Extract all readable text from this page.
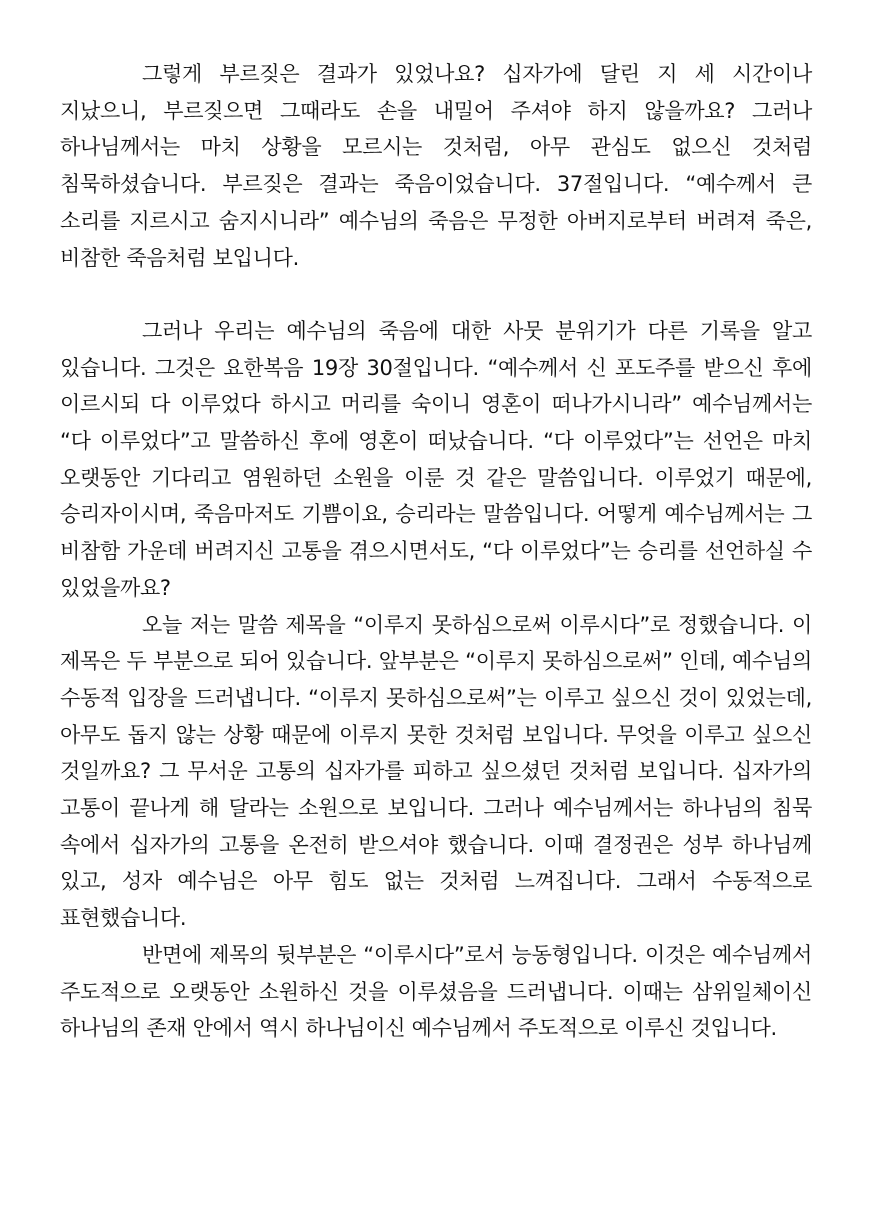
그렇게 부르짖은 결과가 있었나요? 십자가에 달린 지 세 시간이나 지났으니, 부르짖으면 그때라도 손을 내밀어 주셔야 하지 않을까요? 그러나 하나님께서는 마치 상황을 모르시는 것처럼, 아무 관심도 없으신 것처럼 침묵하셨습니다. 부르짖은 결과는 죽음이었습니다. 37절입니다. “예수께서 큰 소리를 지르시고 숨지시니라” 예수님의 죽음은 무정한 아버지로부터 버려져 죽은, 비참한 죽음처럼 보입니다.

그러나 우리는 예수님의 죽음에 대한 사뭇 분위기가 다른 기록을 알고 있습니다. 그것은 요한복음 19장 30절입니다. “예수께서 신 포도주를 받으신 후에 이르시되 다 이루었다 하시고 머리를 숙이니 영혼이 떠나가시니라” 예수님께서는 “다 이루었다”고 말씀하신 후에 영혼이 떠났습니다. “다 이루었다”는 선언은 마치 오랫동안 기다리고 염원하던 소원을 이룬 것 같은 말씀입니다. 이루었기 때문에, 승리자이시며, 죽음마저도 기쁨이요, 승리라는 말씀입니다. 어떻게 예수님께서는 그 비참함 가운데 버려지신 고통을 겪으시면서도, “다 이루었다”는 승리를 선언하실 수 있었을까요?

오늘 저는 말씀 제목을 “이루지 못하심으로써 이루시다”로 정했습니다. 이 제목은 두 부분으로 되어 있습니다. 앞부분은 “이루지 못하심으로써” 인데, 예수님의 수동적 입장을 드러냅니다. “이루지 못하심으로써”는 이루고 싶으신 것이 있었는데, 아무도 돕지 않는 상황 때문에 이루지 못한 것처럼 보입니다. 무엇을 이루고 싶으신 것일까요? 그 무서운 고통의 십자가를 피하고 싶으셨던 것처럼 보입니다. 십자가의 고통이 끝나게 해 달라는 소원으로 보입니다. 그러나 예수님께서는 하나님의 침묵 속에서 십자가의 고통을 온전히 받으셔야 했습니다. 이때 결정권은 성부 하나님께 있고, 성자 예수님은 아무 힘도 없는 것처럼 느껴집니다. 그래서 수동적으로 표현했습니다.

반면에 제목의 뒷부분은 “이루시다”로서 능동형입니다. 이것은 예수님께서 주도적으로 오랫동안 소원하신 것을 이루셨음을 드러냅니다. 이때는 삼위일체이신 하나님의 존재 안에서 역시 하나님이신 예수님께서 주도적으로 이루신 것입니다.
